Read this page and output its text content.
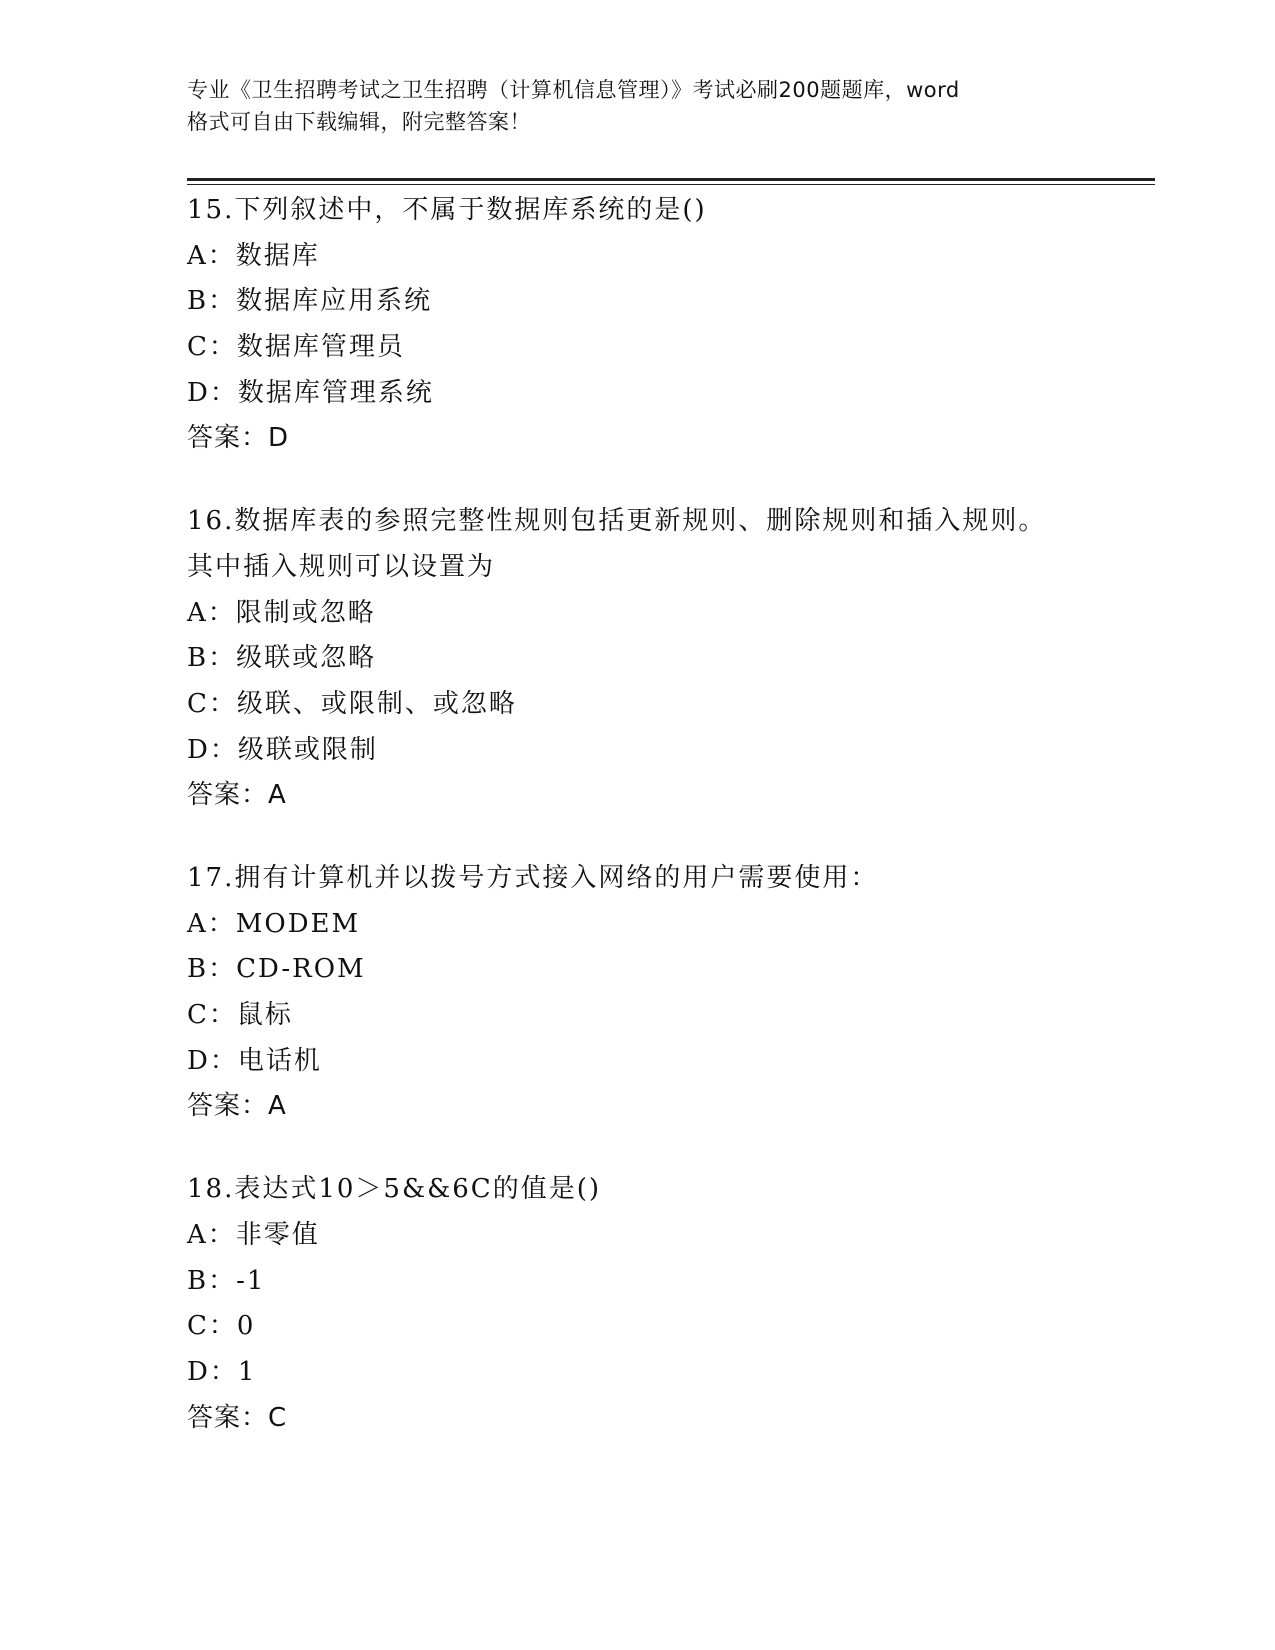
专业《卫生招聘考试之卫生招聘（计算机信息管理）》考试必刷200题题库，word
格式可自由下载编辑，附完整答案！
15.下列叙述中，不属于数据库系统的是()
A：数据库
B：数据库应用系统
C：数据库管理员
D：数据库管理系统
答案：D
16.数据库表的参照完整性规则包括更新规则、删除规则和插入规则。
其中插入规则可以设置为
A：限制或忽略
B：级联或忽略
C：级联、或限制、或忽略
D：级联或限制
答案：A
17.拥有计算机并以拨号方式接入网络的用户需要使用：
A：MODEM
B：CD-ROM
C：鼠标
D：电话机
答案：A
18.表达式10＞5&&6C的值是()
A：非零值
B：-1
C：0
D：1
答案：C
